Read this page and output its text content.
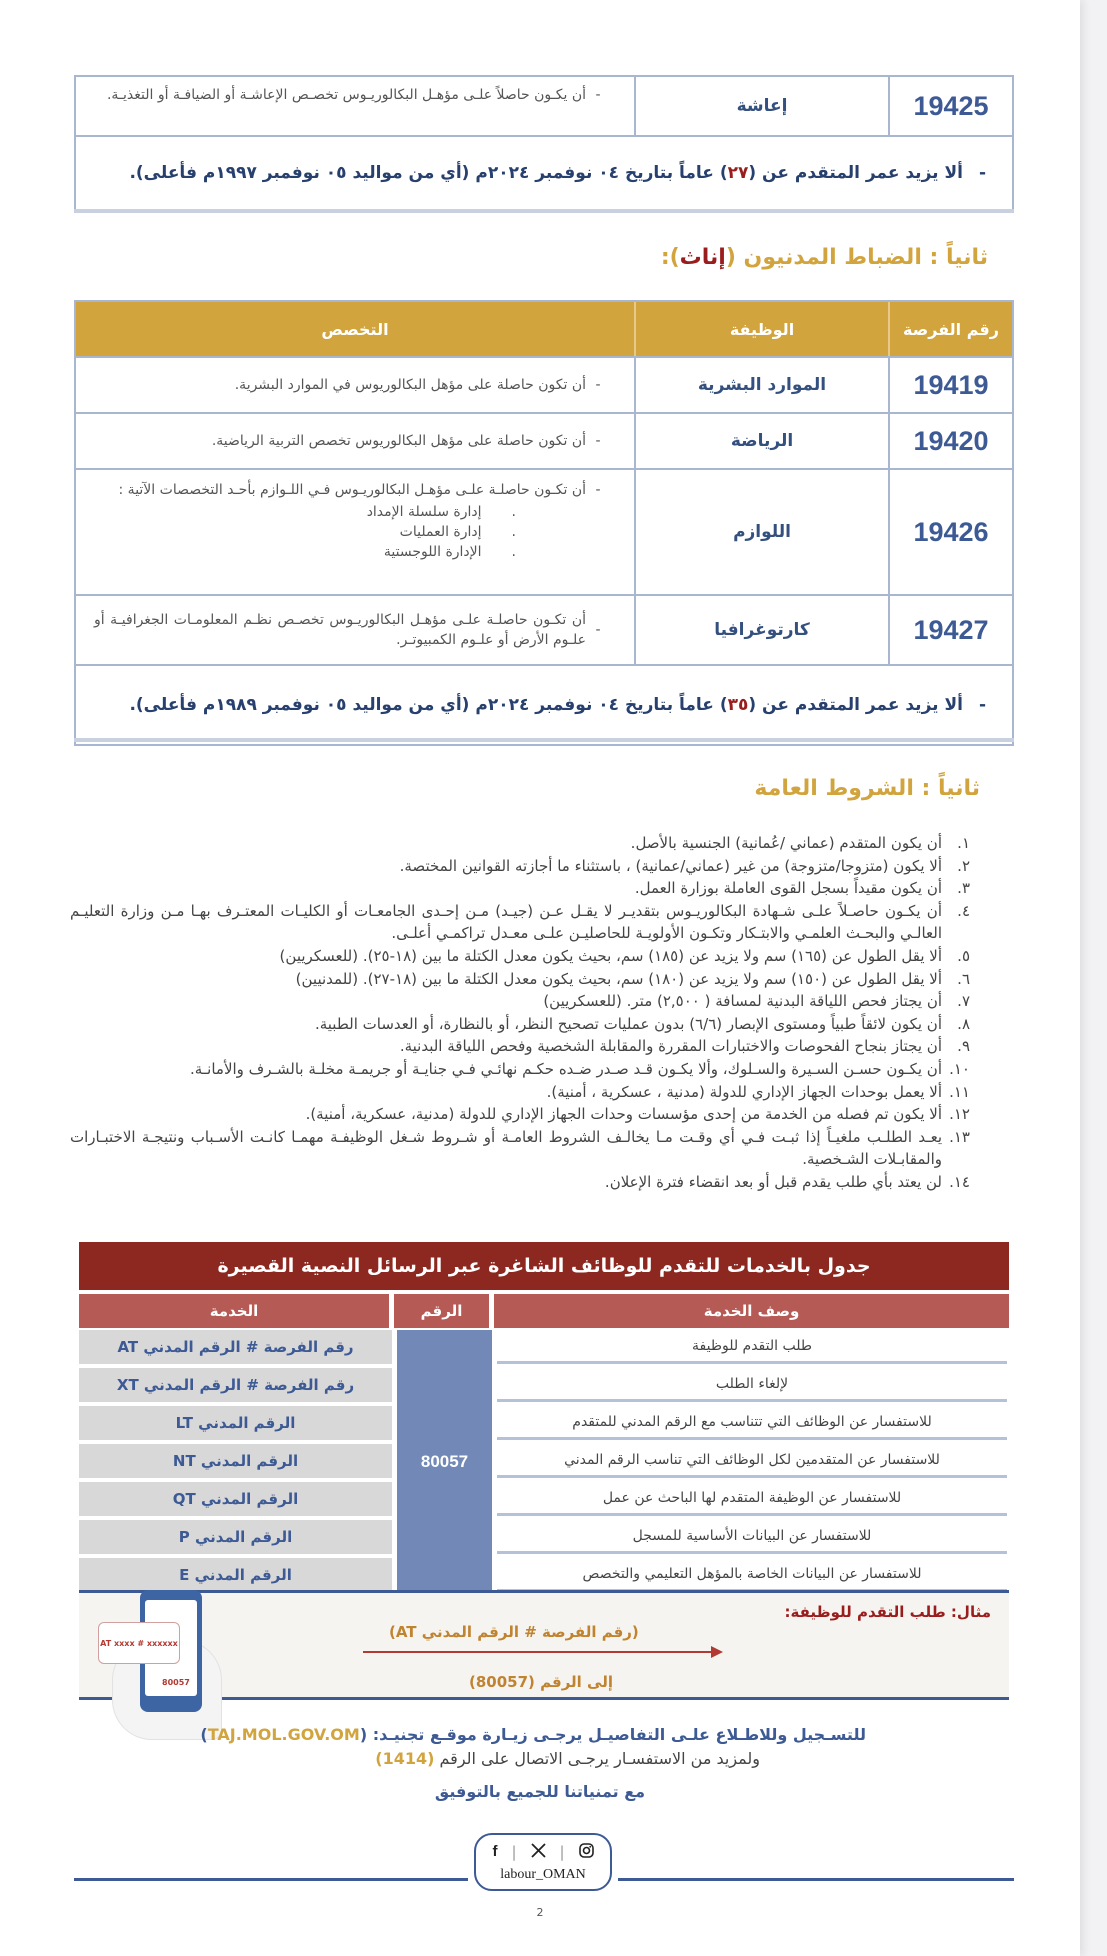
19425
إعاشة
-
أن يكـون حاصلاً علـى مؤهـل البكالوريـوس تخصـص الإعاشـة أو الضيافـة أو التغذيـة.
-
ألا يزيد عمر المتقدم عن (
٢٧
) عاماً بتاريخ ٠٤ نوفمبر ٢٠٢٤م (أي من مواليد ٠٥ نوفمبر ١٩٩٧م فأعلى).
ثانياً : الضباط المدنيون (إناث):
رقم الفرصة
الوظيفة
التخصص
19419
الموارد البشرية
-
أن تكون حاصلة على مؤهل البكالوريوس في الموارد البشرية.
19420
الرياضة
-
أن تكون حاصلة على مؤهل البكالوريوس تخصص التربية الرياضية.
19426
اللوازم
-
أن تكـون حاصلـة علـى مؤهـل البكالوريـوس فـي اللـوازم بأحـد التخصصات الآتية :
.
إدارة سلسلة الإمداد
.
إدارة العمليات
.
الإدارة اللوجستية
19427
كارتوغرافيا
-
أن تكـون حاصلـة علـى مؤهـل البكالوريـوس تخصـص نظـم المعلومـات الجغرافيـة أو علـوم الأرض أو علـوم الكمبيوتـر.
-
ألا يزيد عمر المتقدم عن (
٣٥
) عاماً بتاريخ ٠٤ نوفمبر ٢٠٢٤م (أي من مواليد ٠٥ نوفمبر ١٩٨٩م فأعلى).
ثانياً : الشروط العامة
١.
أن يكون المتقدم (عماني /عُمانية) الجنسية بالأصل.
٢.
ألا يكون (متزوجا/متزوجة) من غير (عماني/عمانية) ، باستثناء ما أجازته القوانين المختصة.
٣.
أن يكون مقيداً بسجل القوى العاملة بوزارة العمل.
٤.
أن يكـون حاصـلاً علـى شـهادة البكالوريـوس بتقديـر لا يقـل عـن (جيـد) مـن إحـدى الجامعـات أو الكليـات المعتـرف بهـا مـن وزارة التعليـم العالـي والبحـث العلمـي والابتـكار وتكـون الأولويـة للحاصليـن علـى معـدل تراكمـي أعلـى.
٥.
ألا يقل الطول عن (١٦٥) سم ولا يزيد عن (١٨٥) سم، بحيث يكون معدل الكتلة ما بين (١٨-٢٥). (للعسكريين)
٦.
ألا يقل الطول عن (١٥٠) سم ولا يزيد عن (١٨٠) سم، بحيث يكون معدل الكتلة ما بين (١٨-٢٧). (للمدنيين)
٧.
أن يجتاز فحص اللياقة البدنية لمسافة ( ٢,٥٠٠) متر. (للعسكريين)
٨.
أن يكون لائقاً طبياً ومستوى الإبصار (٦/٦) بدون عمليات تصحيح النظر، أو بالنظارة، أو العدسات الطبية.
٩.
أن يجتاز بنجاح الفحوصات والاختبارات المقررة والمقابلة الشخصية وفحص اللياقة البدنية.
١٠.
أن يكـون حسـن السـيرة والسـلوك، وألا يكـون قـد صـدر ضـده حكـم نهائـي فـي جنايـة أو جريمـة مخلـة بالشـرف والأمانـة.
١١.
ألا يعمل بوحدات الجهاز الإداري للدولة (مدنية ، عسكرية ، أمنية).
١٢.
ألا يكون تم فصله من الخدمة من إحدى مؤسسات وحدات الجهاز الإداري للدولة (مدنية، عسكرية، أمنية).
١٣.
يعـد الطلـب ملغيـاً إذا ثبـت فـي أي وقـت مـا يخالـف الشروط العامـة أو شـروط شـغل الوظيفـة مهمـا كانـت الأسـباب ونتيجـة الاختبـارات والمقابـلات الشـخصية.
١٤.
لن يعتد بأي طلب يقدم قبل أو بعد انقضاء فترة الإعلان.
جدول بالخدمات للتقدم للوظائف الشاغرة عبر الرسائل النصية القصيرة
وصف الخدمة
الرقم
الخدمة
رقم الفرصة # الرقم المدني AT	طلب التقدم للوظيفة
رقم الفرصة # الرقم المدني XT	لإلغاء الطلب
الرقم المدني LT	للاستفسار عن الوظائف التي تتناسب مع الرقم المدني للمتقدم
الرقم المدني NT	للاستفسار عن المتقدمين لكل الوظائف التي تناسب الرقم المدني
الرقم المدني QT	للاستفسار عن الوظيفة المتقدم لها الباحث عن عمل
الرقم المدني P	للاستفسار عن البيانات الأساسية للمسجل
الرقم المدني E	للاستفسار عن البيانات الخاصة بالمؤهل التعليمي والتخصص
80057
مثال: طلب التقدم للوظيفة:
(رقم الفرصة # الرقم المدني AT)
إلى الرقم (80057)
80057
AT xxxx # xxxxxx
للتسـجيل وللاطـلاع علـى التفاصيـل يرجـى زيـارة موقـع تجنيـد: (TAJ.MOL.GOV.OM)
ولمزيد من الاستفسـار يرجـى الاتصال على الرقم (1414)
مع تمنياتنا للجميع بالتوفيق
f |	|
labour_OMAN
2
